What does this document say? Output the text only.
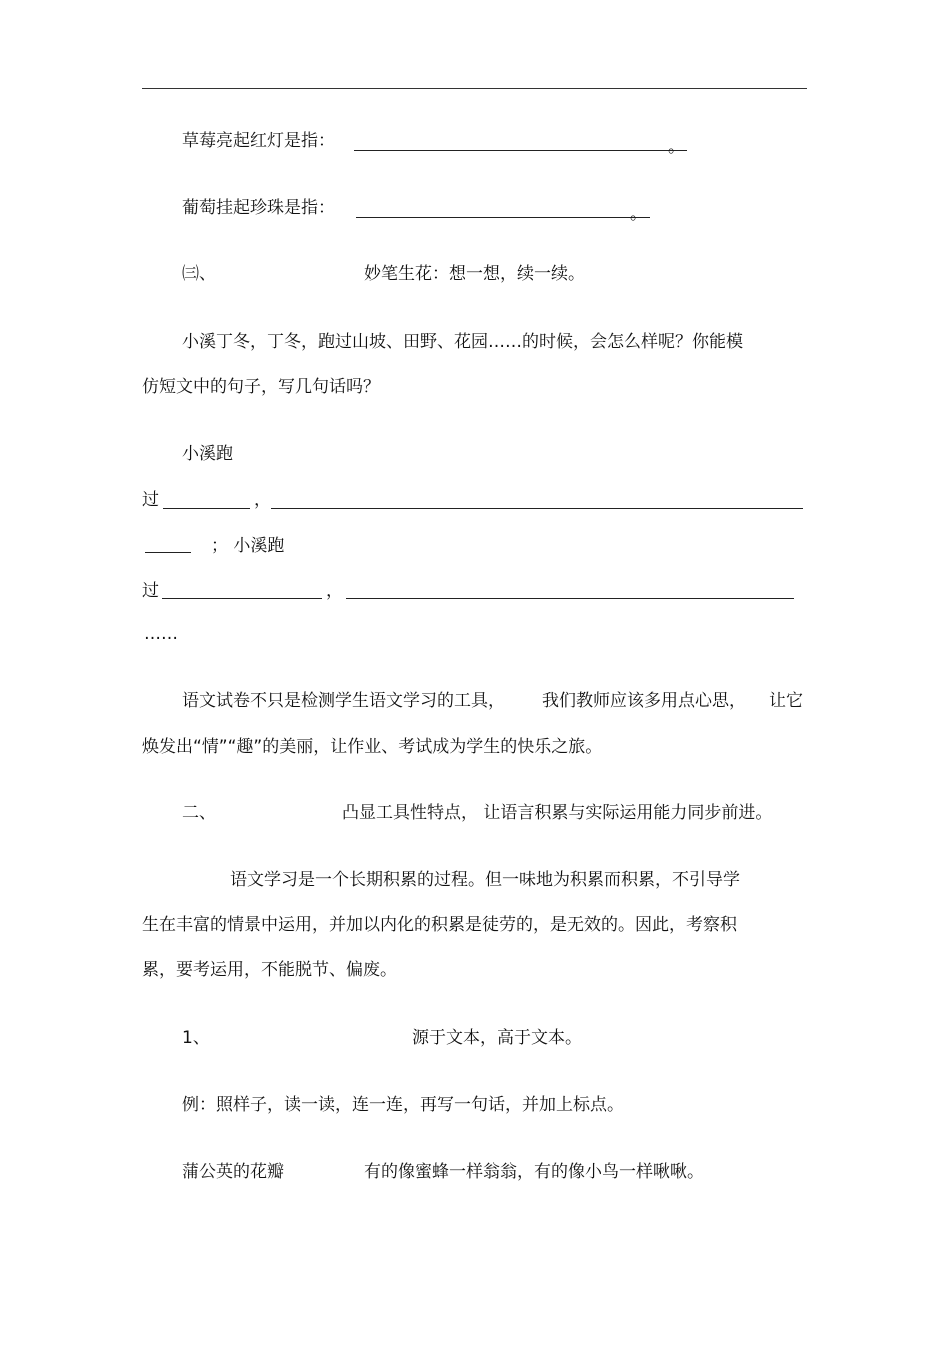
草莓亮起红灯是指：	。
葡萄挂起珍珠是指：	。
㈢、	妙笔生花：想一想，续一续。
小溪丁冬，丁冬，跑过山坡、田野、花园……的时候，会怎么样呢？你能模
仿短文中的句子，写几句话吗？
小溪跑
过	，
； 小溪跑
过	，
……
语文试卷不只是检测学生语文学习的工具， 我们教师应该多用点心思， 让它
焕发出“情”“趣”的美丽，让作业、考试成为学生的快乐之旅。
二、	凸显工具性特点， 让语言积累与实际运用能力同步前进。
语文学习是一个长期积累的过程。但一味地为积累而积累，不引导学
生在丰富的情景中运用，并加以内化的积累是徒劳的，是无效的。因此，考察积
累，要考运用，不能脱节、偏废。
1、	源于文本，高于文本。
例：照样子，读一读，连一连，再写一句话，并加上标点。
蒲公英的花瓣	有的像蜜蜂一样翁翁，有的像小鸟一样啾啾。
